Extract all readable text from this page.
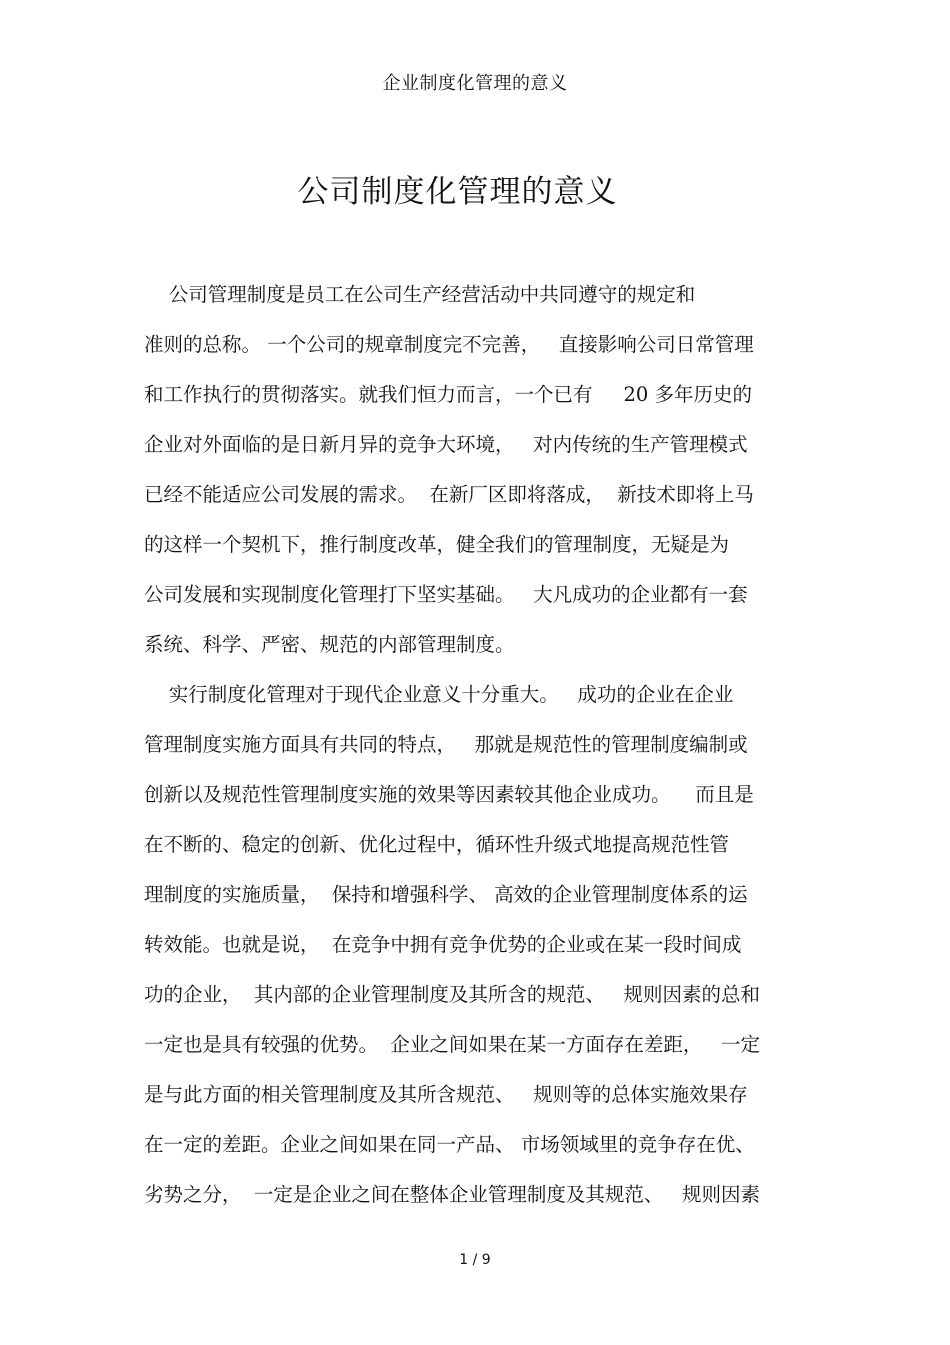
企业制度化管理的意义
公司制度化管理的意义
公司管理制度是员工在公司生产经营活动中共同遵守的规定和
准则的总称。 一个公司的规章制度完不完善，   直接影响公司日常管理
和工作执行的贯彻落实。就我们恒力而言，一个已有     20 多年历史的
企业对外面临的是日新月异的竞争大环境，   对内传统的生产管理模式
已经不能适应公司发展的需求。  在新厂区即将落成，  新技术即将上马
的这样一个契机下，推行制度改革，健全我们的管理制度，无疑是为
公司发展和实现制度化管理打下坚实基础。   大凡成功的企业都有一套
系统、科学、严密、规范的内部管理制度。
实行制度化管理对于现代企业意义十分重大。   成功的企业在企业
管理制度实施方面具有共同的特点，   那就是规范性的管理制度编制或
创新以及规范性管理制度实施的效果等因素较其他企业成功。    而且是
在不断的、稳定的创新、优化过程中，循环性升级式地提高规范性管
理制度的实施质量，  保持和增强科学、 高效的企业管理制度体系的运
转效能。也就是说，  在竞争中拥有竞争优势的企业或在某一段时间成
功的企业，  其内部的企业管理制度及其所含的规范、   规则因素的总和
一定也是具有较强的优势。  企业之间如果在某一方面存在差距，   一定
是与此方面的相关管理制度及其所含规范、   规则等的总体实施效果存
在一定的差距。企业之间如果在同一产品、 市场领域里的竞争存在优、
劣势之分，  一定是企业之间在整体企业管理制度及其规范、   规则因素
1 / 9
